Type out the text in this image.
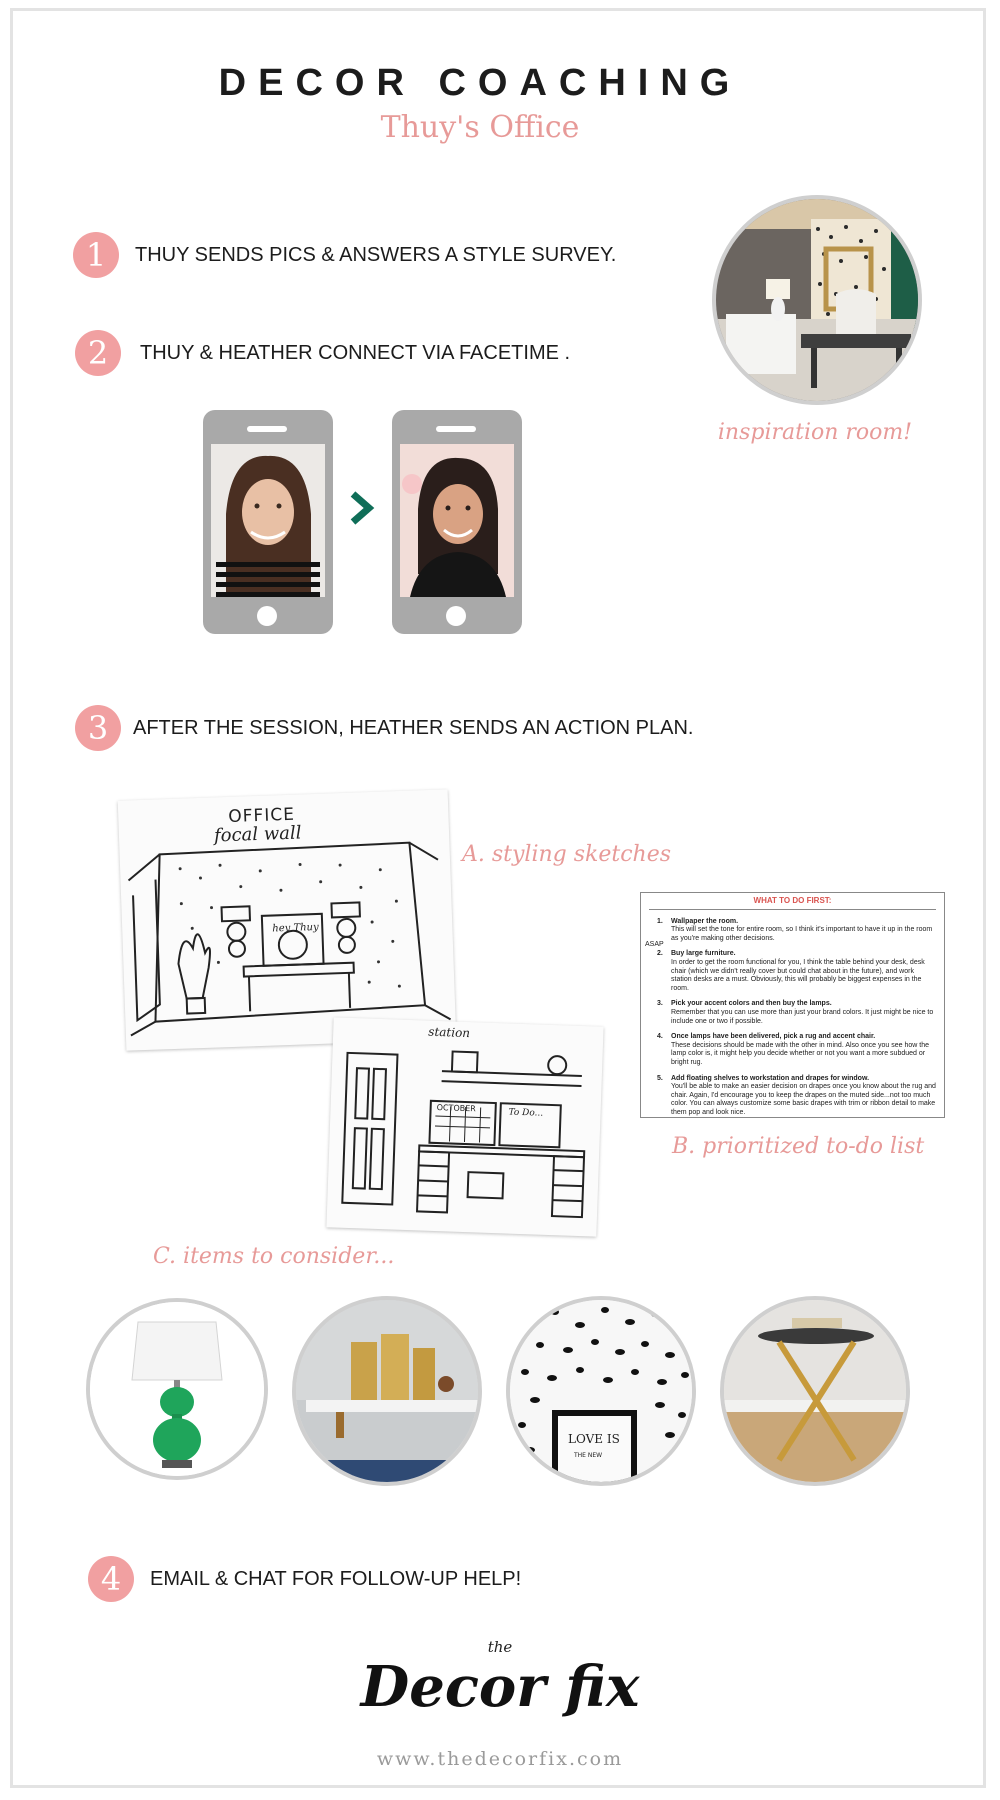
DECOR COACHING
Thuy's Office
1	THUY SENDS PICS & ANSWERS A STYLE SURVEY.
2	THUY & HEATHER CONNECT VIA FACETIME .
inspiration room!
3	AFTER THE SESSION, HEATHER SENDS AN ACTION PLAN.
OFFICE
focal wall
hey Thuy
station
OCTOBER	To Do...
A. styling sketches
WHAT TO DO FIRST:
ASAP
1. Wallpaper the room.
This will set the tone for entire room, so I think it's important to have it up in the room as you're making other decisions.
2. Buy large furniture.
In order to get the room functional for you, I think the table behind your desk, desk chair (which we didn't really cover but could chat about in the future), and work station desks are a must. Obviously, this will probably be biggest expenses in the room.
3. Pick your accent colors and then buy the lamps.
Remember that you can use more than just your brand colors. It just might be nice to include one or two if possible.
4. Once lamps have been delivered, pick a rug and accent chair.
These decisions should be made with the other in mind. Also once you see how the lamp color is, it might help you decide whether or not you want a more subdued or bright rug.
5. Add floating shelves to workstation and drapes for window.
You'll be able to make an easier decision on drapes once you know about the rug and chair. Again, I'd encourage you to keep the drapes on the muted side...not too much color. You can always customize some basic drapes with trim or ribbon detail to make them pop and look nice.
B. prioritized to-do list
C. items to consider...
LOVE IS
THE NEW
4	EMAIL & CHAT FOR FOLLOW-UP HELP!
the
Decor fix
www.thedecorfix.com
